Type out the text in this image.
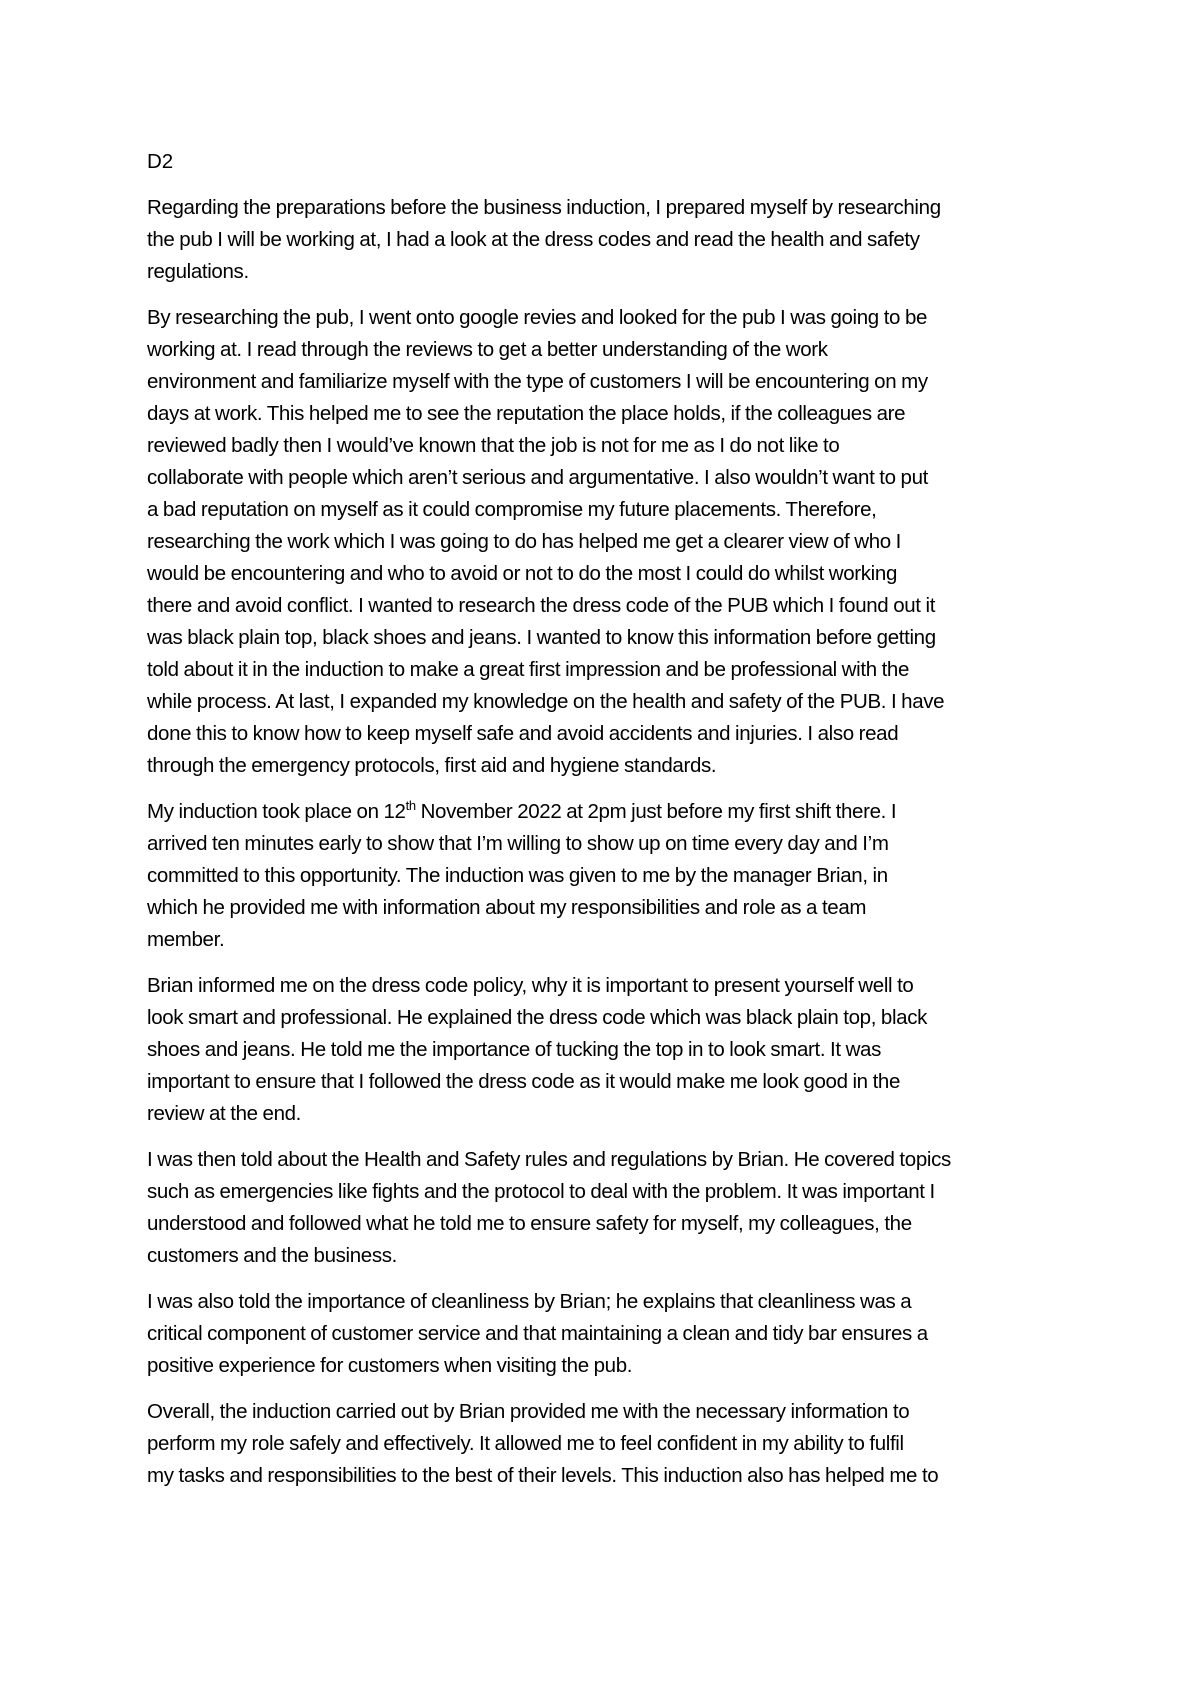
D2
Regarding the preparations before the business induction, I prepared myself by researching
the pub I will be working at, I had a look at the dress codes and read the health and safety
regulations.
By researching the pub, I went onto google revies and looked for the pub I was going to be
working at. I read through the reviews to get a better understanding of the work
environment and familiarize myself with the type of customers I will be encountering on my
days at work. This helped me to see the reputation the place holds, if the colleagues are
reviewed badly then I would’ve known that the job is not for me as I do not like to
collaborate with people which aren’t serious and argumentative. I also wouldn’t want to put
a bad reputation on myself as it could compromise my future placements. Therefore,
researching the work which I was going to do has helped me get a clearer view of who I
would be encountering and who to avoid or not to do the most I could do whilst working
there and avoid conflict. I wanted to research the dress code of the PUB which I found out it
was black plain top, black shoes and jeans. I wanted to know this information before getting
told about it in the induction to make a great first impression and be professional with the
while process. At last, I expanded my knowledge on the health and safety of the PUB. I have
done this to know how to keep myself safe and avoid accidents and injuries. I also read
through the emergency protocols, first aid and hygiene standards.
My induction took place on 12th November 2022 at 2pm just before my first shift there. I
arrived ten minutes early to show that I’m willing to show up on time every day and I’m
committed to this opportunity. The induction was given to me by the manager Brian, in
which he provided me with information about my responsibilities and role as a team
member.
Brian informed me on the dress code policy, why it is important to present yourself well to
look smart and professional. He explained the dress code which was black plain top, black
shoes and jeans. He told me the importance of tucking the top in to look smart. It was
important to ensure that I followed the dress code as it would make me look good in the
review at the end.
I was then told about the Health and Safety rules and regulations by Brian. He covered topics
such as emergencies like fights and the protocol to deal with the problem. It was important I
understood and followed what he told me to ensure safety for myself, my colleagues, the
customers and the business.
I was also told the importance of cleanliness by Brian; he explains that cleanliness was a
critical component of customer service and that maintaining a clean and tidy bar ensures a
positive experience for customers when visiting the pub.
Overall, the induction carried out by Brian provided me with the necessary information to
perform my role safely and effectively. It allowed me to feel confident in my ability to fulfil
my tasks and responsibilities to the best of their levels. This induction also has helped me to
